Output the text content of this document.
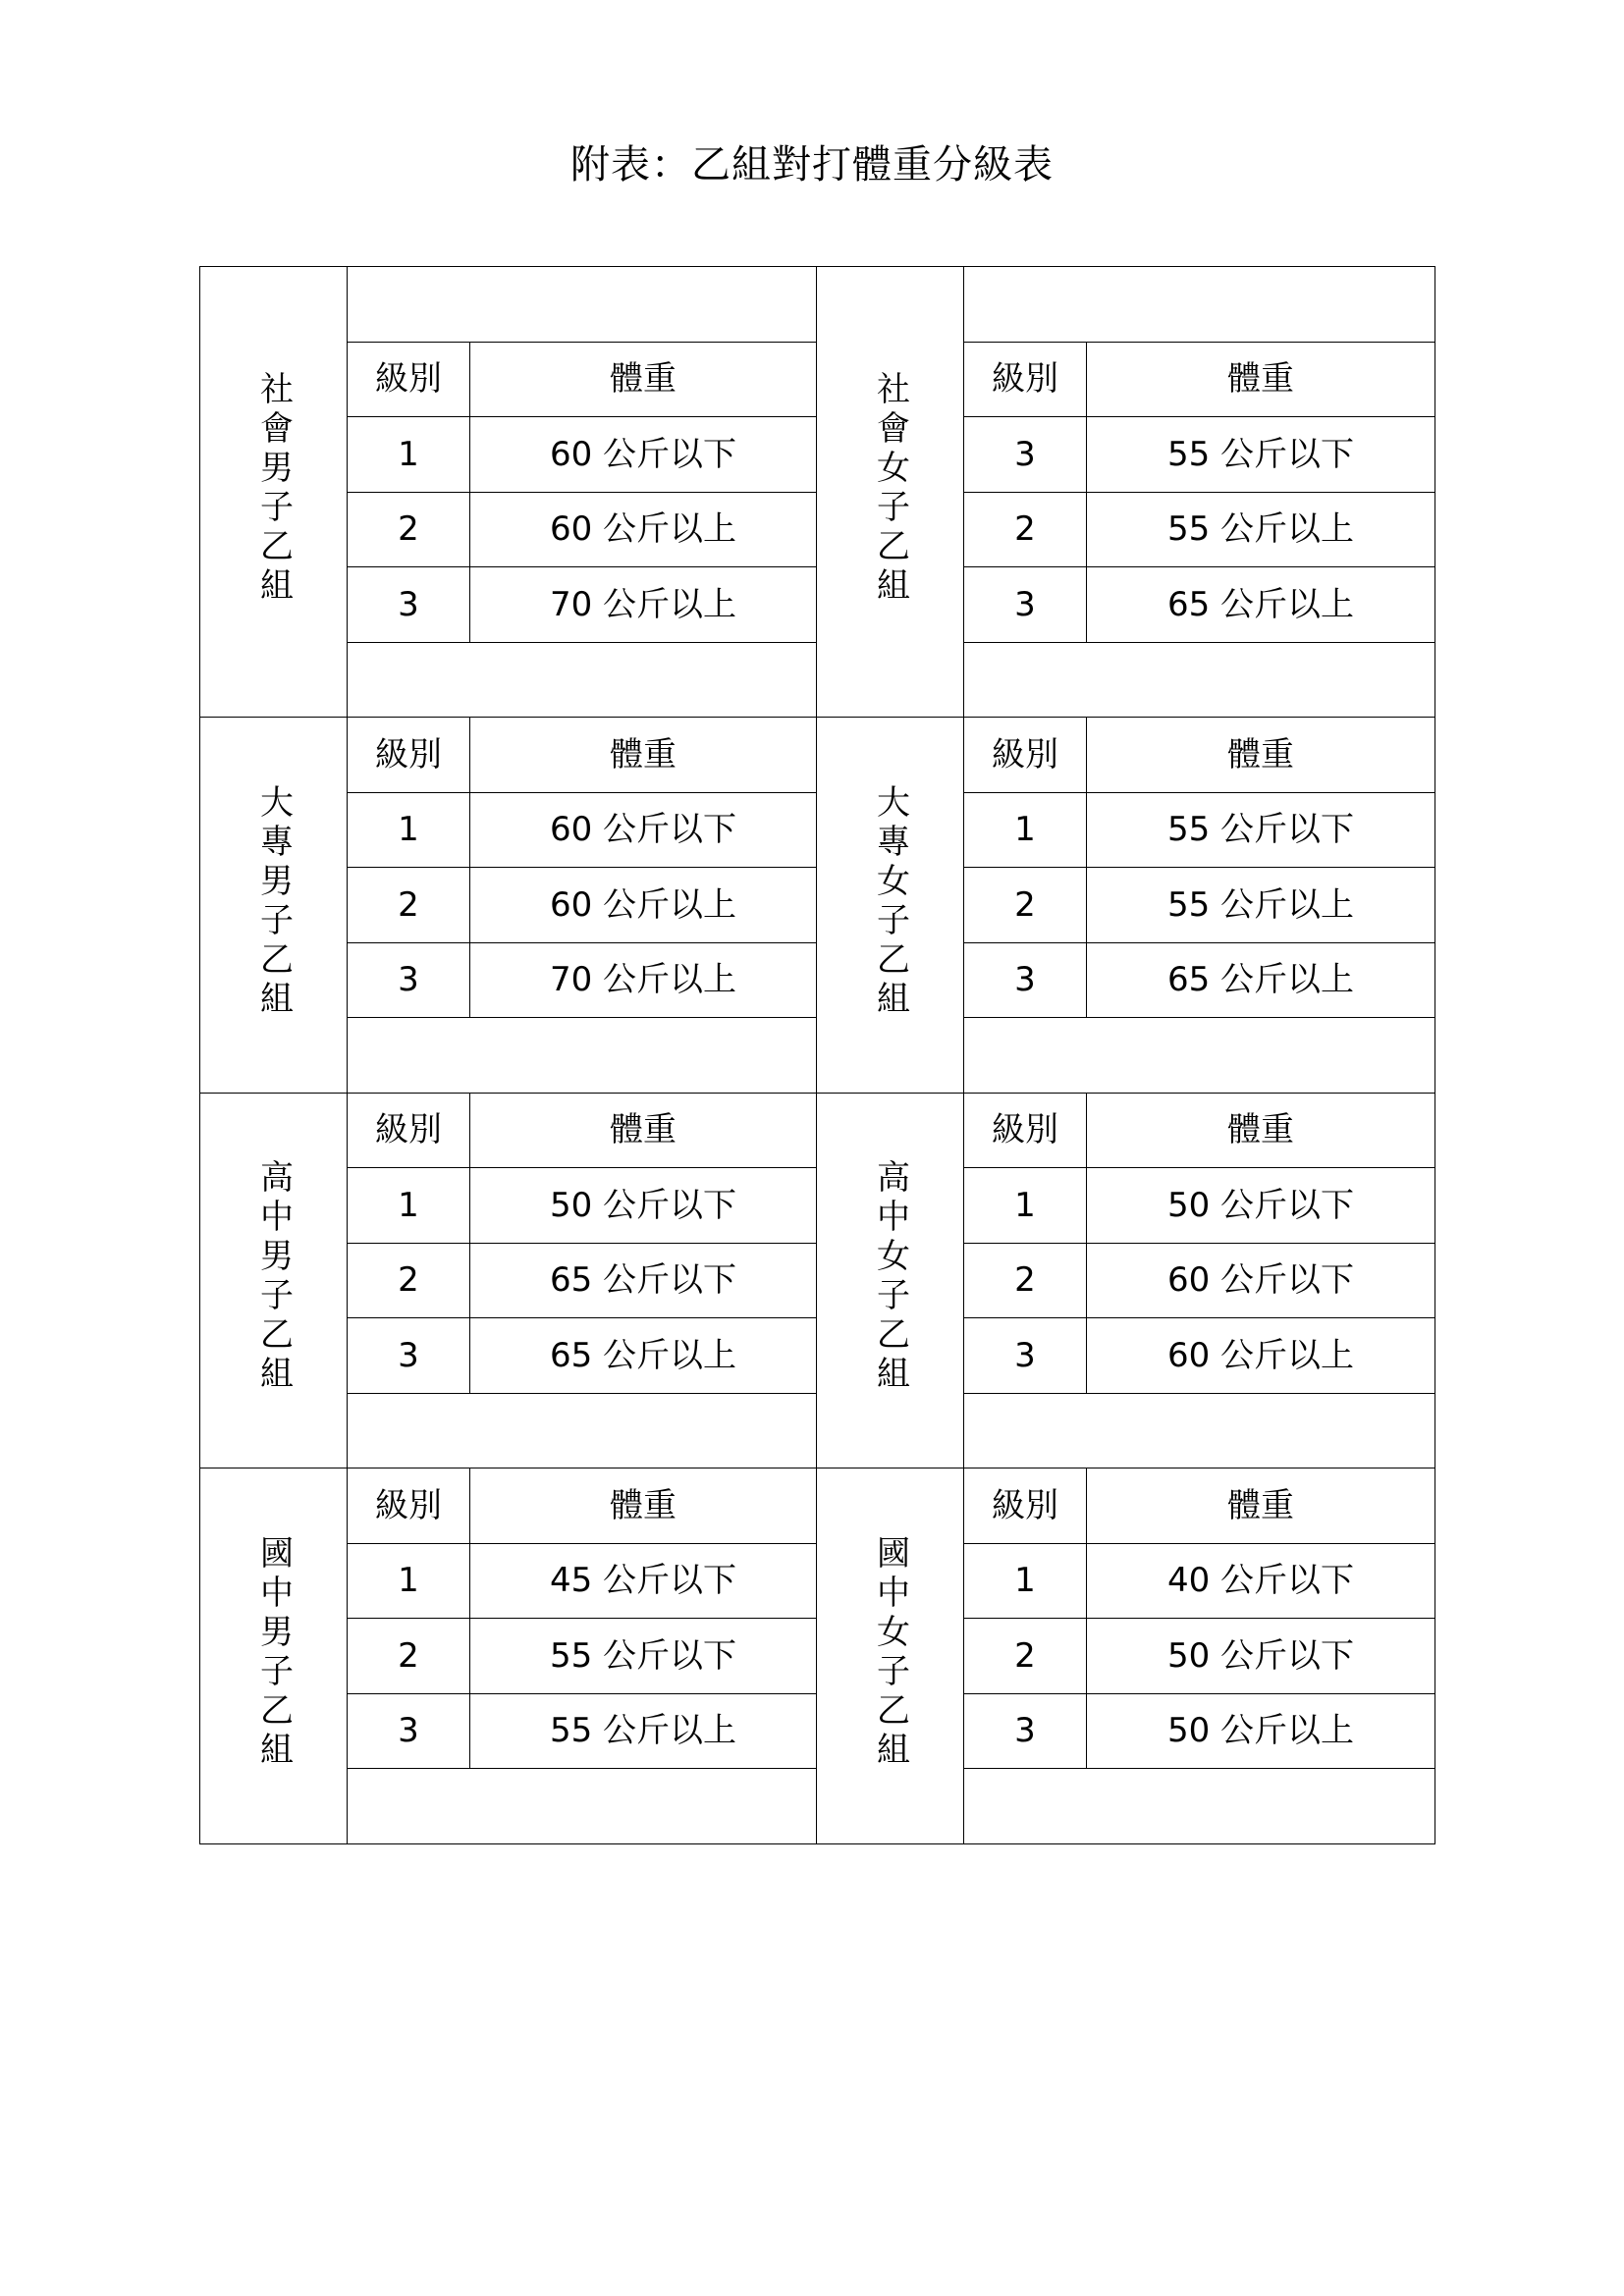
附表：乙組對打體重分級表
社會男子乙組			社會女子乙組		
	級別	體重		級別	體重
	1	60 公斤以下		3	55 公斤以下
	2	60 公斤以上		2	55 公斤以上
	3	70 公斤以上		3	65 公斤以上

大專男子乙組	級別	體重	大專女子乙組	級別	體重
	1	60 公斤以下		1	55 公斤以下
	2	60 公斤以上		2	55 公斤以上
	3	70 公斤以上		3	65 公斤以上

高中男子乙組	級別	體重	高中女子乙組	級別	體重
	1	50 公斤以下		1	50 公斤以下
	2	65 公斤以下		2	60 公斤以下
	3	65 公斤以上		3	60 公斤以上

國中男子乙組	級別	體重	國中女子乙組	級別	體重
	1	45 公斤以下		1	40 公斤以下
	2	55 公斤以下		2	50 公斤以下
	3	55 公斤以上		3	50 公斤以上
